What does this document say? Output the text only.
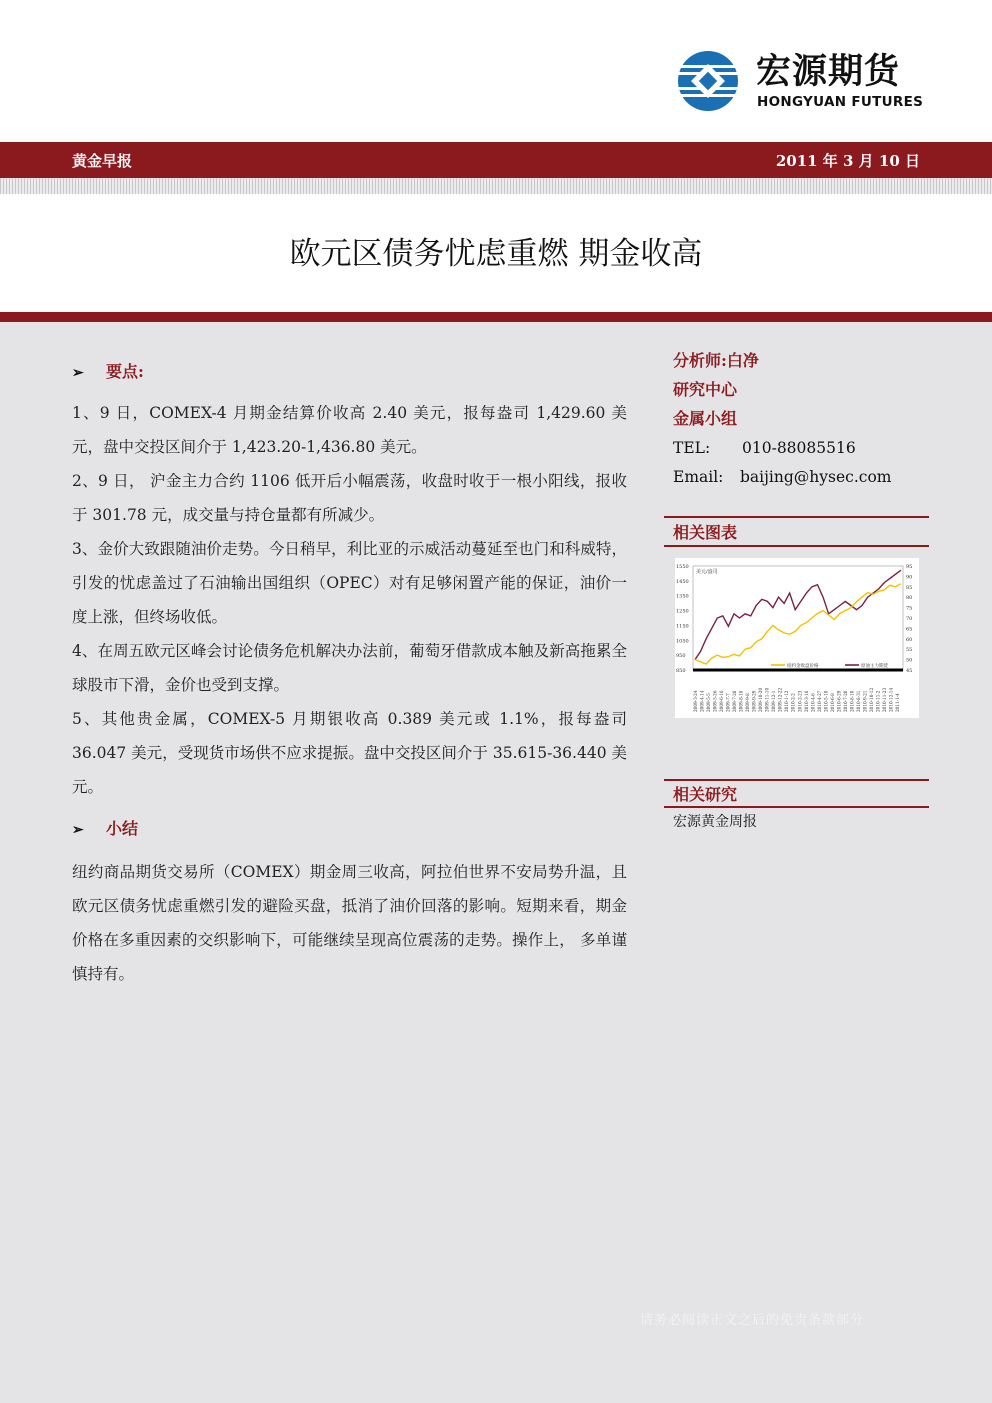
宏源期货
HONGYUAN FUTURES
黄金早报	2011 年 3 月 10 日
欧元区债务忧虑重燃 期金收高
➢ 要点:

1、9 日，COMEX-4 月期金结算价收高 2.40 美元，报每盎司 1,429.60 美元，盘中交投区间介于 1,423.20-1,436.80 美元。

2、9 日， 沪金主力合约 1106 低开后小幅震荡，收盘时收于一根小阳线，报收于 301.78 元，成交量与持仓量都有所减少。

3、金价大致跟随油价走势。今日稍早，利比亚的示威活动蔓延至也门和科威特，引发的忧虑盖过了石油输出国组织（OPEC）对有足够闲置产能的保证，油价一度上涨，但终场收低。

4、在周五欧元区峰会讨论债务危机解决办法前，葡萄牙借款成本触及新高拖累全球股市下滑，金价也受到支撑。

5、其他贵金属，COMEX-5 月期银收高 0.389 美元或 1.1%，报每盎司 36.047 美元，受现货市场供不应求提振。盘中交投区间介于 35.615-36.440 美元。

➢ 小结

纽约商品期货交易所（COMEX）期金周三收高，阿拉伯世界不安局势升温，且欧元区债务忧虑重燃引发的避险买盘，抵消了油价回落的影响。短期来看，期金价格在多重因素的交织影响下，可能继续呈现高位震荡的走势。操作上， 多单谨慎持有。

分析师:白净
研究中心
金属小组
TEL: 010-88085516
Email: baijing@hysec.com
相关图表
1550
1450
1350
1250
1150
1050
950
850
95
90
85
80
75
70
65
60
55
50
45
美元/盎司
2009-3-24 2009-4-14 2009-5-5 2009-5-26 2009-6-16 2009-7-7 2009-7-28 2009-8-18 2009-9-8 2009-9-29 2009-10-20 2009-11-10 2009-12-1 2009-12-22 2010-1-12 2010-2-2 2010-2-23 2010-3-16 2010-4-6 2010-4-27 2010-5-18 2010-6-8 2010-6-29 2010-7-20 2010-8-10 2010-8-31 2010-9-21 2010-10-12 2010-11-2 2010-11-23 2010-12-14 2011-1-4
纽约金收盘价格	原油主力期货
相关研究
宏源黄金周报
请务必阅读正文之后的免责条款部分
